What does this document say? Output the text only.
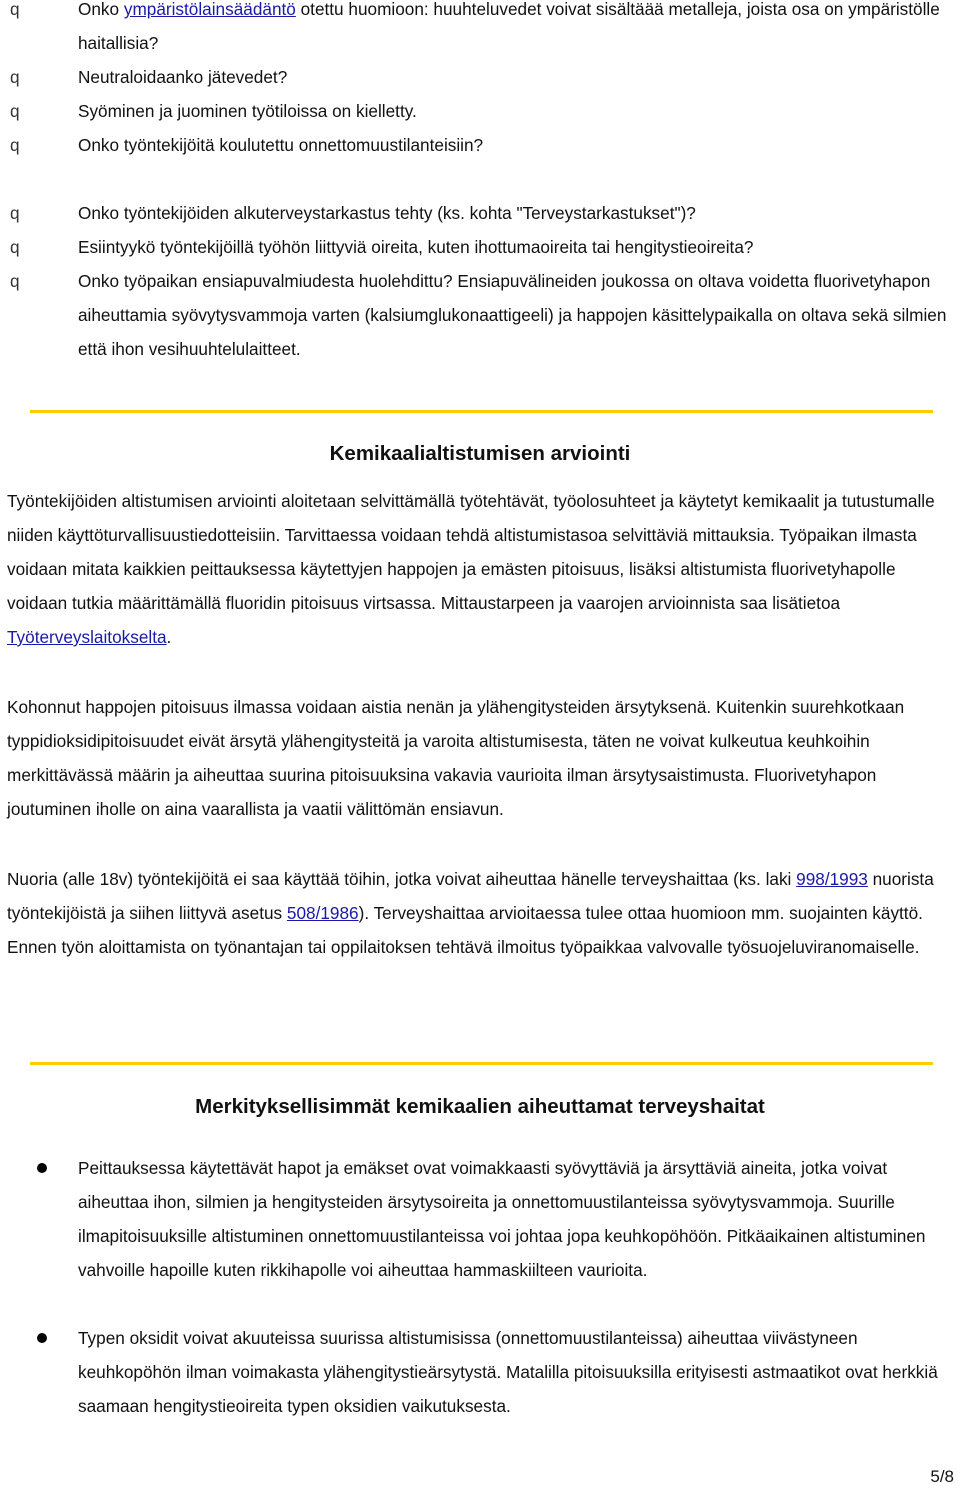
q	Onko ympäristölainsäädäntö otettu huomioon: huuhteluvedet voivat sisältäää metalleja, joista osa on ympäristölle haitallisia?
q	Neutraloidaanko jätevedet?
q	Syöminen ja juominen työtiloissa on kielletty.
q	Onko työntekijöitä koulutettu onnettomuustilanteisiin?
q	Onko työntekijöiden alkuterveystarkastus tehty (ks. kohta "Terveystarkastukset")?
q	Esiintyykö työntekijöillä työhön liittyviä oireita, kuten ihottumaoireita tai hengitystieoireita?
q	Onko työpaikan ensiapuvalmiudesta huolehdittu? Ensiapuvälineiden joukossa on oltava voidetta fluorivetyhapon aiheuttamia syövytysvammoja varten (kalsiumglukonaattigeeli) ja happojen käsittelypaikalla on oltava sekä silmien että ihon vesihuuhtelulaitteet.
Kemikaalialtistumisen arviointi
Työntekijöiden altistumisen arviointi aloitetaan selvittämällä työtehtävät, työolosuhteet ja käytetyt kemikaalit ja tutustumalle niiden käyttöturvallisuustiedotteisiin. Tarvittaessa voidaan tehdä altistumistasoa selvittäviä mittauksia. Työpaikan ilmasta voidaan mitata kaikkien peittauksessa käytettyjen happojen ja emästen pitoisuus, lisäksi altistumista fluorivetyhapolle voidaan tutkia määrittämällä fluoridin pitoisuus virtsassa. Mittaustarpeen ja vaarojen arvioinnista saa lisätietoa Työterveyslaitokselta.
Kohonnut happojen pitoisuus ilmassa voidaan aistia nenän ja ylähengitysteiden ärsytyksenä. Kuitenkin suurehkotkaan typpidioksidipitoisuudet eivät ärsytä ylähengitysteitä ja varoita altistumisesta, täten ne voivat kulkeutua keuhkoihin merkittävässä määrin ja aiheuttaa suurina pitoisuuksina vakavia vaurioita ilman ärsytysaistimusta. Fluorivetyhapon joutuminen iholle on aina vaarallista ja vaatii välittömän ensiavun.
Nuoria (alle 18v) työntekijöitä ei saa käyttää töihin, jotka voivat aiheuttaa hänelle terveyshaittaa (ks. laki 998/1993 nuorista työntekijöistä ja siihen liittyvä asetus 508/1986). Terveyshaittaa arvioitaessa tulee ottaa huomioon mm. suojainten käyttö. Ennen työn aloittamista on työnantajan tai oppilaitoksen tehtävä ilmoitus työpaikkaa valvovalle työsuojeluviranomaiselle.
Merkityksellisimmät kemikaalien aiheuttamat terveyshaitat
Peittauksessa käytettävät hapot ja emäkset ovat voimakkaasti syövyttäviä ja ärsyttäviä aineita, jotka voivat aiheuttaa ihon, silmien ja hengitysteiden ärsytysoireita ja onnettomuustilanteissa syövytysvammoja. Suurille ilmapitoisuuksille altistuminen onnettomuustilanteissa voi johtaa jopa keuhkopöhöön. Pitkäaikainen altistuminen vahvoille hapoille kuten rikkihapolle voi aiheuttaa hammaskiilteen vaurioita.
Typen oksidit voivat akuuteissa suurissa altistumisissa (onnettomuustilanteissa) aiheuttaa viivästyneen keuhkopöhön ilman voimakasta ylähengitystieärsytystä. Matalilla pitoisuuksilla erityisesti astmaatikot ovat herkkiä saamaan hengitystieoireita typen oksidien vaikutuksesta.
5/8
